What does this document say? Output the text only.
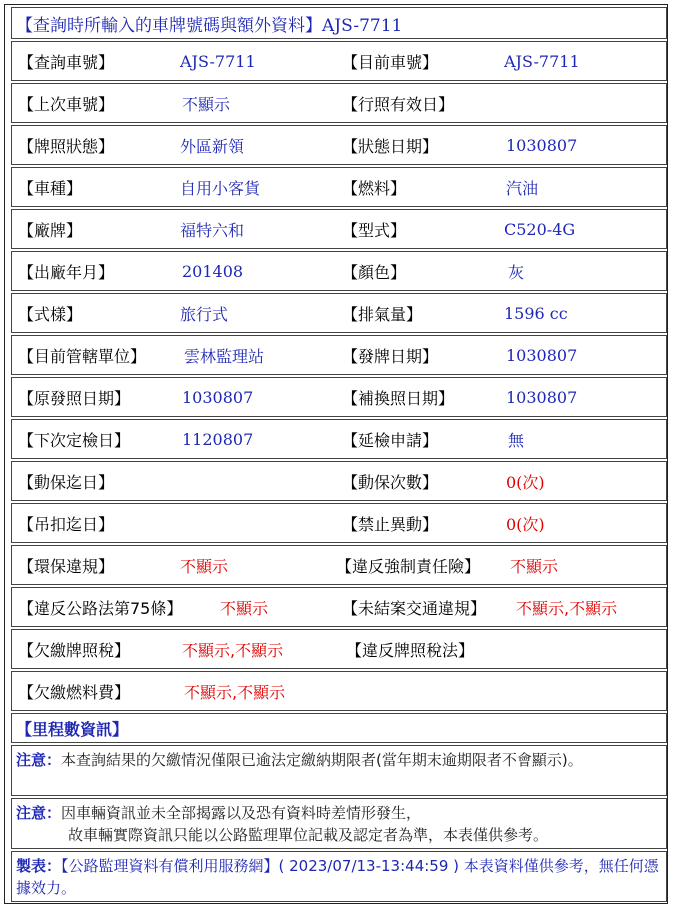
【查詢時所輸入的車牌號碼與額外資料】AJS-7711
【查詢車號】	AJS-7711	【目前車號】	AJS-7711
【上次車號】	不顯示	【行照有效日】
【牌照狀態】	外區新領	【狀態日期】	1030807
【車種】	自用小客貨	【燃料】	汽油
【廠牌】	福特六和	【型式】	C520-4G
【出廠年月】	201408	【顏色】	灰
【式樣】	旅行式	【排氣量】	1596 cc
【目前管轄單位】 雲林監理站	【發牌日期】	1030807
【原發照日期】	1030807	【補換照日期】	1030807
【下次定檢日】	1120807	【延檢申請】	無
【動保迄日】	【動保次數】	0(次)
【吊扣迄日】	【禁止異動】	0(次)
【環保違規】	不顯示	【違反強制責任險】 不顯示
【違反公路法第75條】 不顯示	【未結案交通違規】 不顯示,不顯示
【欠繳牌照稅】	不顯示,不顯示	【違反牌照稅法】
【欠繳燃料費】	不顯示,不顯示
【里程數資訊】
注意：本查詢結果的欠繳情況僅限已逾法定繳納期限者(當年期末逾期限者不會顯示)。
注意：因車輛資訊並未全部揭露以及恐有資料時差情形發生，
故車輛實際資訊只能以公路監理單位記載及認定者為準，本表僅供參考。
製表：【公路監理資料有償利用服務網】( 2023/07/13-13:44:59 ) 本表資料僅供參考，無任何憑據效力。
